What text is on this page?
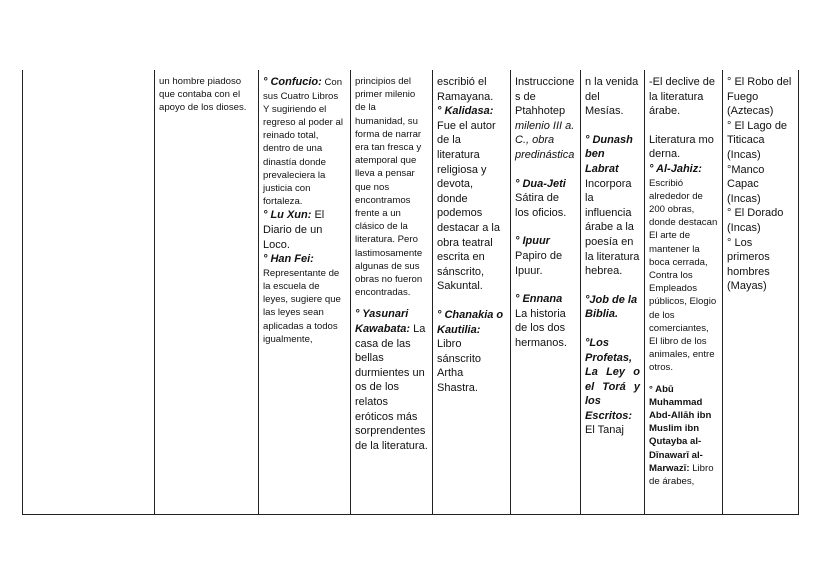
un hombre piadoso que contaba con el apoyo de los dioses.

° Confucio: Con sus Cuatro Libros Y sugiriendo el regreso al poder al reinado total, dentro de una dinastía donde prevaleciera la justicia con fortaleza.
° Lu Xun: El Diario de un Loco.
° Han Fei:
Representante de la escuela de leyes, sugiere que las leyes sean aplicadas a todos igualmente,

principios del primer milenio de la humanidad, su forma de narrar era tan fresca y atemporal que lleva a pensar que nos encontramos frente a un clásico de la literatura. Pero lastimosamente algunas de sus obras no fueron encontradas.
° Yasunari Kawabata: La casa de las bellas durmientes un os de los relatos eróticos más sorprendentes de la literatura.

escribió el Ramayana.
° Kalidasa:
Fue el autor de la literatura religiosa y devota, donde podemos destacar a la obra teatral escrita en sánscrito, Sakuntal.
° Chanakia o Kautilia:
Libro sánscrito Artha Shastra.

Instruccione s de Ptahhotep
milenio III a. C., obra predinástica
° Dua-Jeti
Sátira de los oficios.
° Ipuur
Papiro de Ipuur.
° Ennana
La historia de los dos hermanos.

n la venida del Mesías.
° Dunash ben Labrat
Incorpora la influencia árabe a la poesía en la literatura hebrea.
°Job de la Biblia.
°Los Profetas, La Ley o el Torá y los Escritos:
El Tanaj

-El declive de la literatura árabe.
Literatura mo derna.
° Al-Jahiz:
Escribió alrededor de 200 obras, donde destacan El arte de mantener la boca cerrada, Contra los Empleados públicos, Elogio de los comerciantes, El libro de los animales, entre otros.
° Abū Muhammad Abd-Allāh ibn Muslim ibn Qutayba al-Dīnawarī al-Marwazī: Libro de árabes,

° El Robo del Fuego (Aztecas)
° El Lago de Titicaca (Incas)
°Manco Capac (Incas)
° El Dorado (Incas)
° Los primeros hombres (Mayas)
